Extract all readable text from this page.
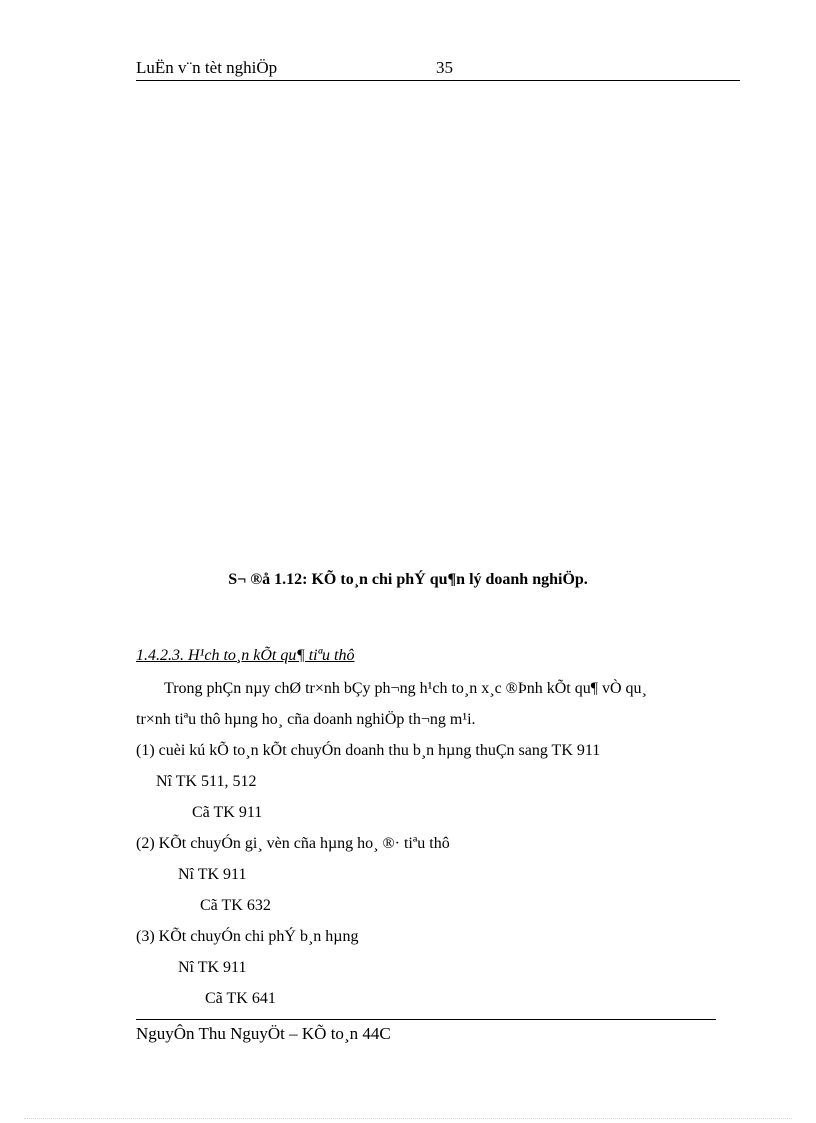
LuËn v¨n tèt nghiÖp	35
S¬ ®å 1.12: KÕ to¸n chi phÝ qu¶n lý doanh nghiÖp.
1.4.2.3. H¹ch to¸n kÕt qu¶ tiªu thô
Trong phÇn nµy chØ tr×nh bÇy ph¬ng h¹ch to¸n x¸c ®Þnh kÕt qu¶ vÒ qu¸
tr×nh tiªu thô hµng ho¸ cña doanh nghiÖp th¬ng m¹i.
(1) cuèi kú kÕ to¸n kÕt chuyÓn doanh thu b¸n hµng thuÇn sang TK 911
Nî TK 511, 512
Cã TK 911
(2) KÕt chuyÓn gi¸ vèn cña hµng ho¸ ®· tiªu thô
Nî TK 911
Cã TK 632
(3) KÕt chuyÓn chi phÝ b¸n hµng
Nî TK 911
Cã TK 641
NguyÔn Thu NguyÖt – KÕ to¸n 44C
